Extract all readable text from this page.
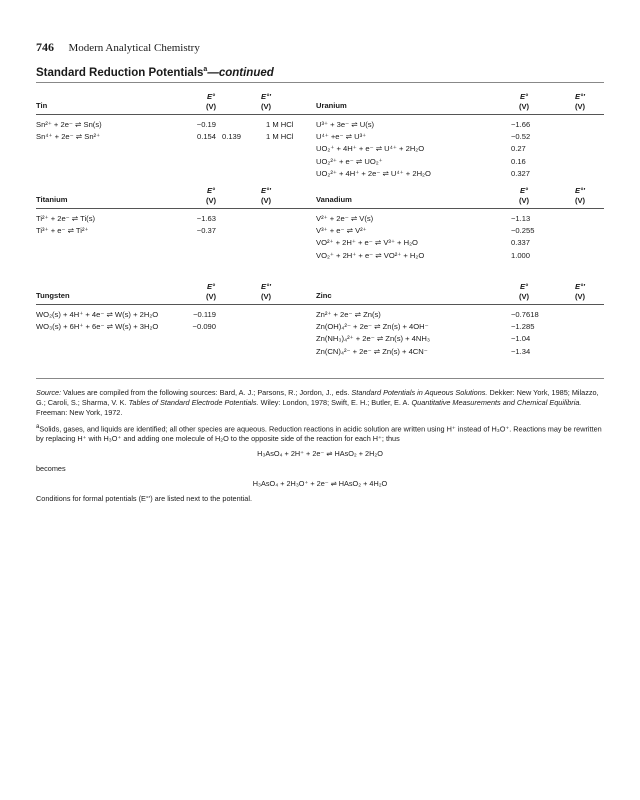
746 Modern Analytical Chemistry
Standard Reduction Potentials$^a$—continued
Tin
E°
(V)
E°′
(V)
Sn²⁺ + 2e⁻ ⇌ Sn(s)	−0.19	1 M HCl
Sn⁴⁺ + 2e⁻ ⇌ Sn²⁺	0.154 0.139	1 M HCl
Uranium
E°
(V)
E°′
(V)
U³⁺ + 3e⁻ ⇌ U(s)	−1.66
U⁴⁺ +e⁻ ⇌ U³⁺	−0.52
UO₂⁺ + 4H⁺ + e⁻ ⇌ U⁴⁺ + 2H₂O	0.27
UO₂²⁺ + e⁻ ⇌ UO₂⁺	0.16
UO₂²⁺ + 4H⁺ + 2e⁻ ⇌ U⁴⁺ + 2H₂O	0.327
Titanium
E°
(V)
E°′
(V)
Ti²⁺ + 2e⁻ ⇌ Ti(s)	−1.63
Ti³⁺ + e⁻ ⇌ Ti²⁺	−0.37
Vanadium
E°
(V)
E°′
(V)
V²⁺ + 2e⁻ ⇌ V(s)	−1.13
V³⁺ + e⁻ ⇌ V²⁺	−0.255
VO²⁺ + 2H⁺ + e⁻ ⇌ V³⁺ + H₂O	0.337
VO₂⁺ + 2H⁺ + e⁻ ⇌ VO²⁺ + H₂O	1.000
Tungsten
E°
(V)
E°′
(V)
WO₂(s) + 4H⁺ + 4e⁻ ⇌ W(s) + 2H₂O	−0.119
WO₃(s) + 6H⁺ + 6e⁻ ⇌ W(s) + 3H₂O	−0.090
Zinc
E°
(V)
E°′
(V)
Zn²⁺ + 2e⁻ ⇌ Zn(s)	−0.7618
Zn(OH)₄²⁻ + 2e⁻ ⇌ Zn(s) + 4OH⁻	−1.285
Zn(NH₃)₄²⁺ + 2e⁻ ⇌ Zn(s) + 4NH₃	−1.04
Zn(CN)₄²⁻ + 2e⁻ ⇌ Zn(s) + 4CN⁻	−1.34

Source: Values are compiled from the following sources: Bard, A. J.; Parsons, R.; Jordon, J., eds. Standard Potentials in Aqueous Solutions. Dekker: New York, 1985; Milazzo, G.; Caroli, S.; Sharma, V. K. Tables of Standard Electrode Potentials. Wiley: London, 1978; Swift, E. H.; Butler, E. A. Quantitative Measurements and Chemical Equilibria. Freeman: New York, 1972.

$^a$Solids, gases, and liquids are identified; all other species are aqueous. Reduction reactions in acidic solution are written using H⁺ instead of H₃O⁺. Reactions may be rewritten by replacing H⁺ with H₃O⁺ and adding one molecule of H₂O to the opposite side of the reaction for each H⁺; thus

H₃AsO₄ + 2H⁺ + 2e⁻ ⇌ HAsO₂ + 2H₂O
becomes
H₃AsO₄ + 2H₃O⁺ + 2e⁻ ⇌ HAsO₂ + 4H₂O

Conditions for formal potentials (E°′) are listed next to the potential.
